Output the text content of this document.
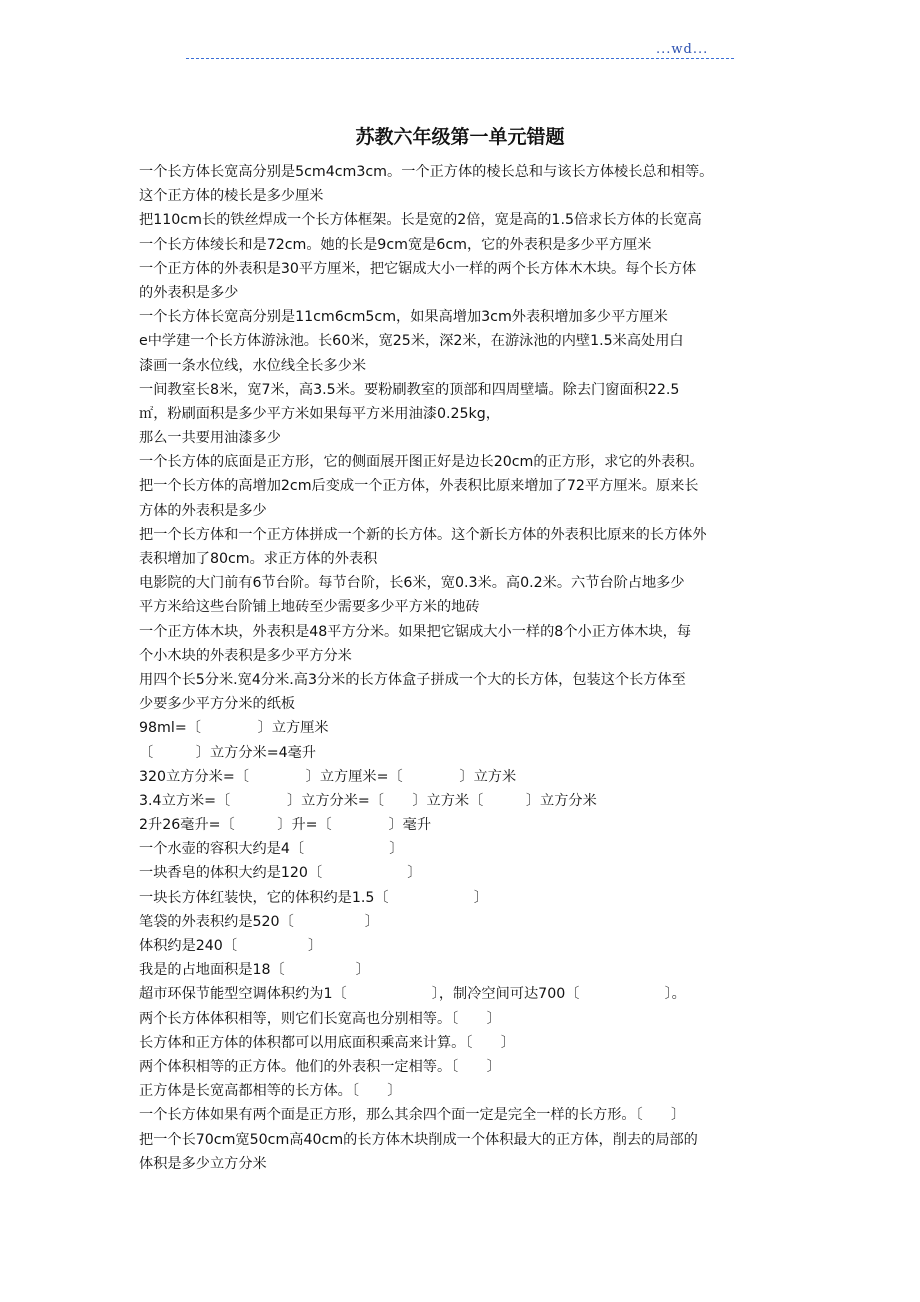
...wd...
苏教六年级第一单元错题
一个长方体长宽高分别是5cm4cm3cm。一个正方体的棱长总和与该长方体棱长总和相等。
这个正方体的棱长是多少厘米
把110cm长的铁丝焊成一个长方体框架。长是宽的2倍，宽是高的1.5倍求长方体的长宽高
一个长方体绫长和是72cm。她的长是9cm宽是6cm，它的外表积是多少平方厘米
一个正方体的外表积是30平方厘米，把它锯成大小一样的两个长方体木木块。每个长方体
的外表积是多少
一个长方体长宽高分别是11cm6cm5cm，如果高增加3cm外表积增加多少平方厘米
e中学建一个长方体游泳池。长60米，宽25米，深2米，在游泳池的内壁1.5米高处用白
漆画一条水位线，水位线全长多少米
一间教室长8米，宽7米，高3.5米。要粉刷教室的顶部和四周壁墙。除去门窗面积22.5
㎡，粉刷面积是多少平方米如果每平方米用油漆0.25kg，
那么一共要用油漆多少
一个长方体的底面是正方形，它的侧面展开图正好是边长20cm的正方形，求它的外表积。
把一个长方体的高增加2cm后变成一个正方体，外表积比原来增加了72平方厘米。原来长
方体的外表积是多少
把一个长方体和一个正方体拼成一个新的长方体。这个新长方体的外表积比原来的长方体外
表积增加了80cm。求正方体的外表积
电影院的大门前有6节台阶。每节台阶，长6米，宽0.3米。高0.2米。六节台阶占地多少
平方米给这些台阶铺上地砖至少需要多少平方米的地砖
一个正方体木块，外表积是48平方分米。如果把它锯成大小一样的8个小正方体木块，每
个小木块的外表积是多少平方分米
用四个长5分米.宽4分米.高3分米的长方体盒子拼成一个大的长方体，包装这个长方体至
少要多少平方分米的纸板
98ml=〔　　　　〕立方厘米
〔　　　〕立方分米=4毫升
320立方分米=〔　　　　〕立方厘米=〔　　　　〕立方米
3.4立方米=〔　　　　〕立方分米=〔　　〕立方米〔　　　〕立方分米
2升26毫升=〔　　　〕升=〔　　　　〕毫升
一个水壶的容积大约是4〔　　　　　　〕
一块香皂的体积大约是120〔　　　　　　〕
一块长方体红装快，它的体积约是1.5〔　　　　　　〕
笔袋的外表积约是520〔　　　　　〕
体积约是240〔　　　　　〕
我是的占地面积是18〔　　　　　〕
超市环保节能型空调体积约为1〔　　　　　　〕，制冷空间可达700〔　　　　　　〕。
两个长方体体积相等，则它们长宽高也分别相等。〔　　〕
长方体和正方体的体积都可以用底面积乘高来计算。〔　　〕
两个体积相等的正方体。他们的外表积一定相等。〔　　〕
正方体是长宽高都相等的长方体。〔　　〕
一个长方体如果有两个面是正方形，那么其余四个面一定是完全一样的长方形。〔　　〕
把一个长70cm宽50cm高40cm的长方体木块削成一个体积最大的正方体，削去的局部的
体积是多少立方分米
